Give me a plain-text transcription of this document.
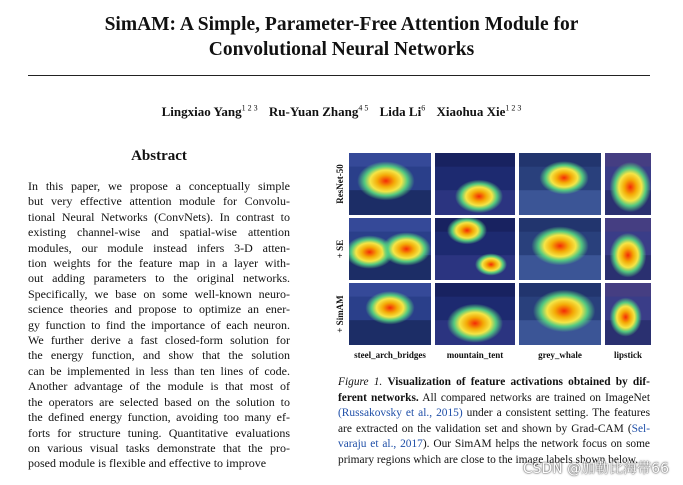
SimAM: A Simple, Parameter-Free Attention Module for
Convolutional Neural Networks
Lingxiao Yang$^{1 2 3}$ Ru-Yuan Zhang$^{4 5}$ Lida Li$^6$ Xiaohua Xie$^{1 2 3}$
Abstract
In this paper, we propose a conceptually simple
but very effective attention module for Convolu-
tional Neural Networks (ConvNets). In contrast to
existing channel-wise and spatial-wise attention
modules, our module instead infers 3-D atten-
tion weights for the feature map in a layer with-
out adding parameters to the original networks.
Specifically, we base on some well-known neuro-
science theories and propose to optimize an ener-
gy function to find the importance of each neuron.
We further derive a fast closed-form solution for
the energy function, and show that the solution
can be implemented in less than ten lines of code.
Another advantage of the module is that most of
the operators are selected based on the solution to
the defined energy function, avoiding too many ef-
forts for structure tuning. Quantitative evaluations
on various visual tasks demonstrate that the pro-
posed module is flexible and effective to improve
ResNet-50
+ SE
+ SimAM
steel_arch_bridges	mountain_tent	grey_whale	lipstick
Figure 1. Visualization of feature activations obtained by dif-
ferent networks. All compared networks are trained on ImageNet
(Russakovsky et al., 2015) under a consistent setting. The features
are extracted on the validation set and shown by Grad-CAM (Sel-
varaju et al., 2017). Our SimAM helps the network focus on some
primary regions which are close to the image labels shown below.
CSDN @加勒比海带66
